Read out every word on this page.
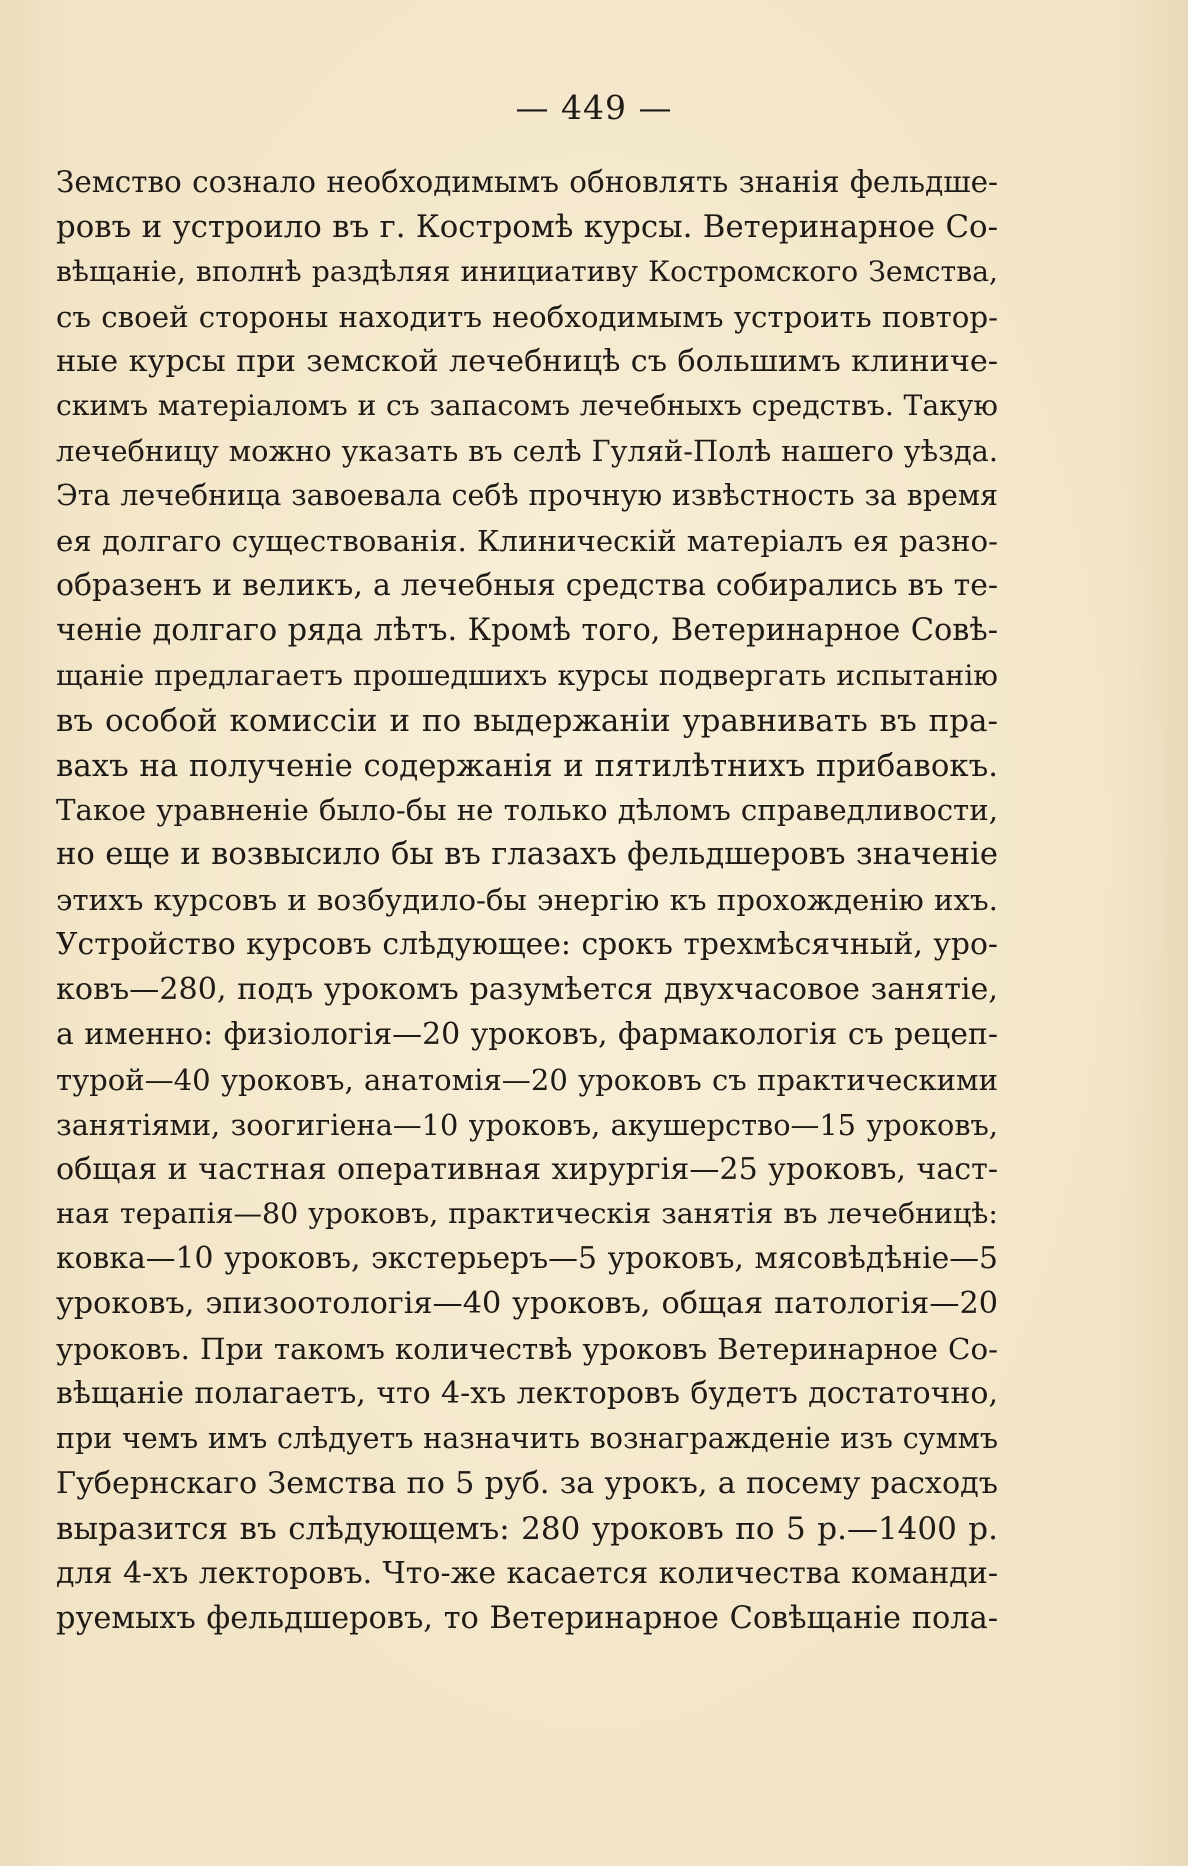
— 449 —
Земство сознало необходимымъ обновлять знанія фельдше-
ровъ и устроило въ г. Костромѣ курсы. Ветеринарное Со-
вѣщаніе, вполнѣ раздѣляя инициативу Костромского Земства,
съ своей стороны находитъ необходимымъ устроить повтор-
ные курсы при земской лечебницѣ съ большимъ клиниче-
скимъ матеріаломъ и съ запасомъ лечебныхъ средствъ. Такую
лечебницу можно указать въ селѣ Гуляй-Полѣ нашего уѣзда.
Эта лечебница завоевала себѣ прочную извѣстность за время
ея долгаго существованія. Клиническій матеріалъ ея разно-
образенъ и великъ, а лечебныя средства собирались въ те-
ченіе долгаго ряда лѣтъ. Кромѣ того, Ветеринарное Совѣ-
щаніе предлагаетъ прошедшихъ курсы подвергать испытанію
въ особой комиссіи и по выдержаніи уравнивать въ пра-
вахъ на полученіе содержанія и пятилѣтнихъ прибавокъ.
Такое уравненіе было-бы не только дѣломъ справедливости,
но еще и возвысило бы въ глазахъ фельдшеровъ значеніе
этихъ курсовъ и возбудило-бы энергію къ прохожденію ихъ.
Устройство курсовъ слѣдующее: срокъ трехмѣсячный, уро-
ковъ—280, подъ урокомъ разумѣется двухчасовое занятіе,
а именно: физіологія—20 уроковъ, фармакологія съ рецеп-
турой—40 уроковъ, анатомія—20 уроковъ съ практическими
занятіями, зоогигіена—10 уроковъ, акушерство—15 уроковъ,
общая и частная оперативная хирургія—25 уроковъ, част-
ная терапія—80 уроковъ, практическія занятія въ лечебницѣ:
ковка—10 уроковъ, экстерьеръ—5 уроковъ, мясовѣдѣніе—5
уроковъ, эпизоотологія—40 уроковъ, общая патологія—20
уроковъ. При такомъ количествѣ уроковъ Ветеринарное Со-
вѣщаніе полагаетъ, что 4-хъ лекторовъ будетъ достаточно,
при чемъ имъ слѣдуетъ назначить вознагражденіе изъ суммъ
Губернскаго Земства по 5 руб. за урокъ, а посему расходъ
выразится въ слѣдующемъ: 280 уроковъ по 5 р.—1400 р.
для 4-хъ лекторовъ. Что-же касается количества команди-
руемыхъ фельдшеровъ, то Ветеринарное Совѣщаніе пола-
